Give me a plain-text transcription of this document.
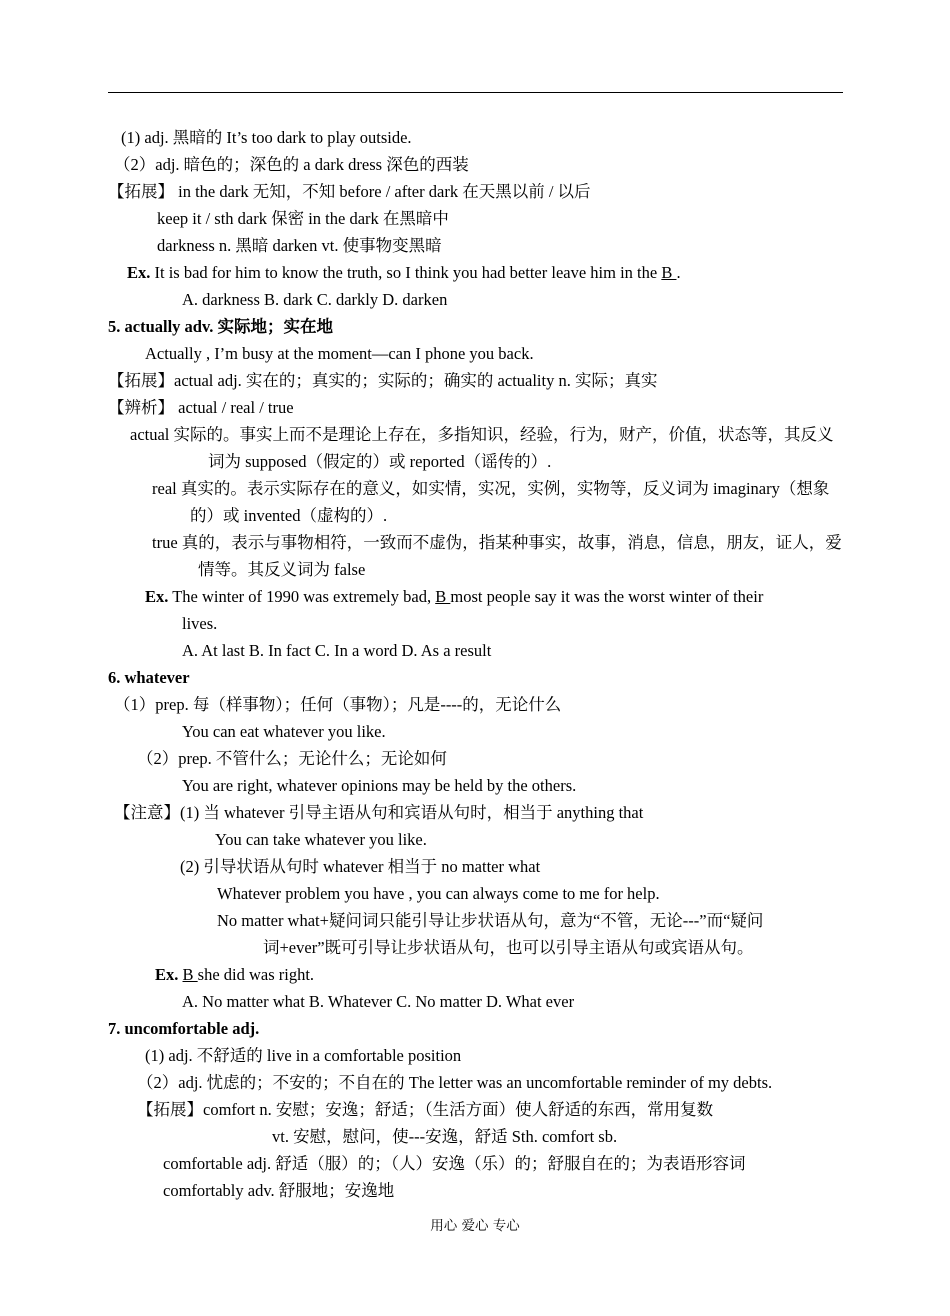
(1) adj. 黑暗的 It’s too dark to play outside.
（2）adj. 暗色的；深色的 a dark dress 深色的西装
【拓展】 in the dark 无知，不知 before / after dark 在天黑以前 / 以后
keep it / sth dark 保密 in the dark 在黑暗中
darkness n. 黑暗 darken vt. 使事物变黑暗
Ex. It is bad for him to know the truth, so I think you had better leave him in the B .
A. darkness B. dark C. darkly D. darken
5. actually adv. 实际地；实在地
Actually , I’m busy at the moment—can I phone you back.
【拓展】actual adj. 实在的；真实的；实际的；确实的 actuality n. 实际；真实
【辨析】 actual / real / true
actual 实际的。事实上而不是理论上存在，多指知识，经验，行为，财产，价值，状态等，其反义
词为 supposed（假定的）或 reported（谣传的）.
real 真实的。表示实际存在的意义，如实情，实况，实例，实物等，反义词为 imaginary（想象
的）或 invented（虚构的）.
true 真的，表示与事物相符，一致而不虚伪，指某种事实，故事，消息，信息，朋友，证人，爱
情等。其反义词为 false
Ex. The winter of 1990 was extremely bad, B most people say it was the worst winter of their
lives.
A. At last B. In fact C. In a word D. As a result
6. whatever
（1）prep. 每（样事物）；任何（事物）；凡是----的，无论什么
You can eat whatever you like.
（2）prep. 不管什么；无论什么；无论如何
You are right, whatever opinions may be held by the others.
【注意】(1) 当 whatever 引导主语从句和宾语从句时，相当于 anything that
You can take whatever you like.
(2) 引导状语从句时 whatever 相当于 no matter what
Whatever problem you have , you can always come to me for help.
No matter what+疑问词只能引导让步状语从句，意为“不管，无论---”而“疑问
词+ever”既可引导让步状语从句，也可以引导主语从句或宾语从句。
Ex. B she did was right.
A. No matter what B. Whatever C. No matter D. What ever
7. uncomfortable adj.
(1) adj. 不舒适的 live in a comfortable position
（2）adj. 忧虑的；不安的；不自在的 The letter was an uncomfortable reminder of my debts.
【拓展】comfort n. 安慰；安逸；舒适；（生活方面）使人舒适的东西，常用复数
vt. 安慰，慰问，使---安逸，舒适 Sth. comfort sb.
comfortable adj. 舒适（服）的；（人）安逸（乐）的；舒服自在的；为表语形容词
comfortably adv. 舒服地；安逸地
用心 爱心 专心
